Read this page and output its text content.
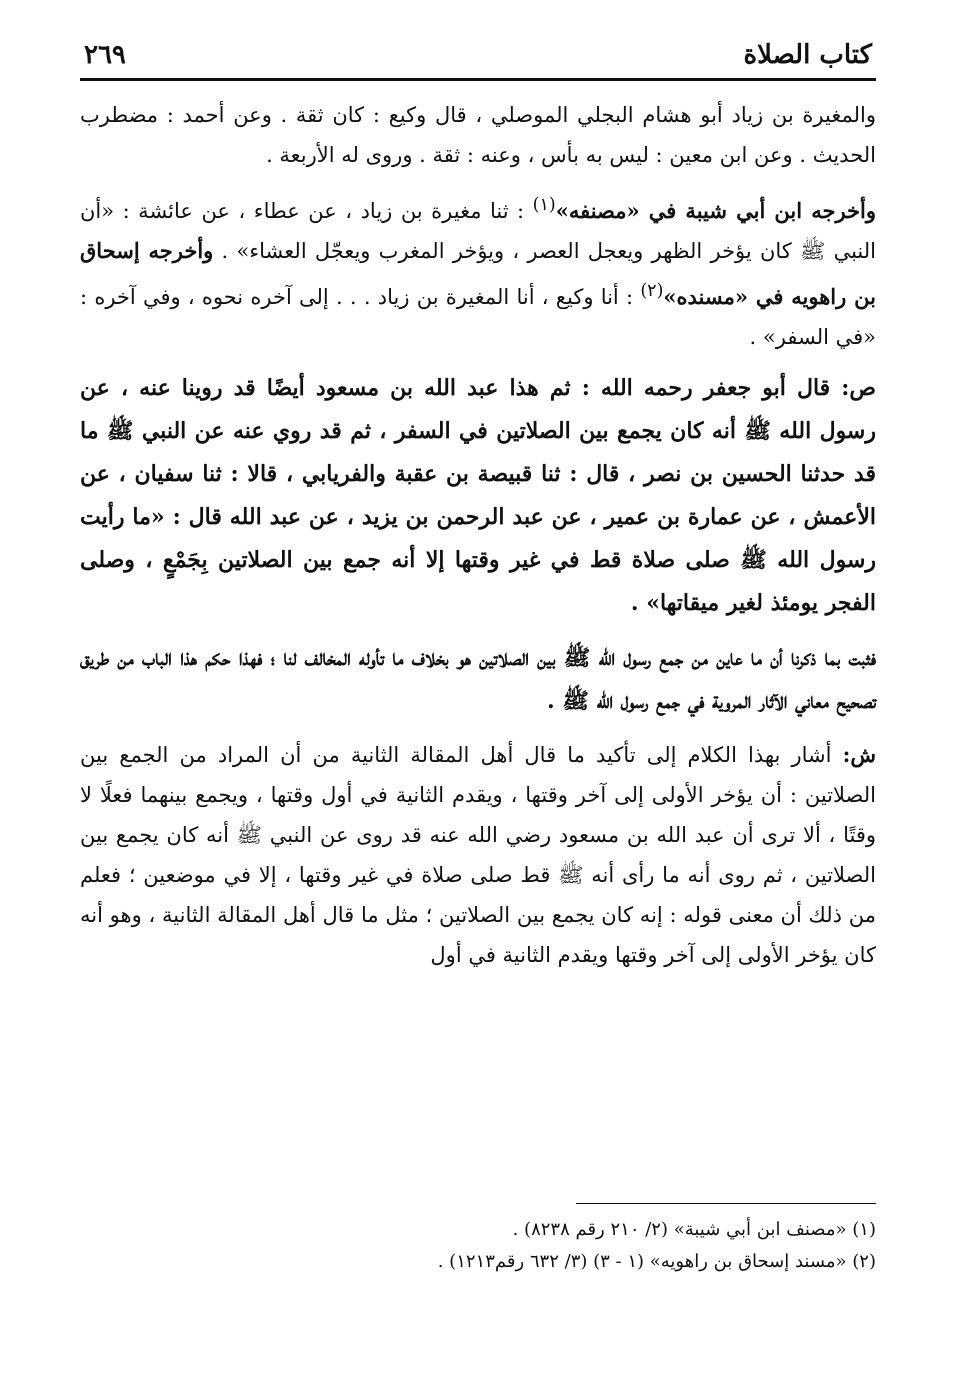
كتاب الصلاة
٢٦٩

والمغيرة بن زياد أبو هشام البجلي الموصلي ، قال وكيع : كان ثقة . وعن أحمد : مضطرب الحديث . وعن ابن معين : ليس به بأس ، وعنه : ثقة . وروى له الأربعة .

وأخرجه ابن أبي شيبة في «مصنفه»$^{(١)}$ : ثنا مغيرة بن زياد ، عن عطاء ، عن عائشة : «أن النبي ﷺ كان يؤخر الظهر ويعجل العصر ، ويؤخر المغرب ويعجّل العشاء» . وأخرجه إسحاق بن راهويه في «مسنده»$^{(٢)}$ : أنا وكيع ، أنا المغيرة بن زياد . . . إلى آخره نحوه ، وفي آخره : «في السفر» .

ص: قال أبو جعفر رحمه الله : ثم هذا عبد الله بن مسعود أيضًا قد روينا عنه ، عن رسول الله ﷺ أنه كان يجمع بين الصلاتين في السفر ، ثم قد روي عنه عن النبي ﷺ ما قد حدثنا الحسين بن نصر ، قال : ثنا قبيصة بن عقبة والفريابي ، قالا : ثنا سفيان ، عن الأعمش ، عن عمارة بن عمير ، عن عبد الرحمن بن يزيد ، عن عبد الله قال : «ما رأيت رسول الله ﷺ صلى صلاة قط في غير وقتها إلا أنه جمع بين الصلاتين بِجَمْعٍ ، وصلى الفجر يومئذ لغير ميقاتها» .

فثبت بما ذكرنا أن ما عاين من جمع رسول الله ﷺ بين الصلاتين هو بخلاف ما تأوله المخالف لنا ؛ فهذا حكم هذا الباب من طريق تصحيح معاني الآثار المروية في جمع رسول الله ﷺ .

ش: أشار بهذا الكلام إلى تأكيد ما قال أهل المقالة الثانية من أن المراد من الجمع بين الصلاتين : أن يؤخر الأولى إلى آخر وقتها ، ويقدم الثانية في أول وقتها ، ويجمع بينهما فعلًا لا وقتًا ، ألا ترى أن عبد الله بن مسعود رضي الله عنه قد روى عن النبي ﷺ أنه كان يجمع بين الصلاتين ، ثم روى أنه ما رأى أنه ﷺ قط صلى صلاة في غير وقتها ، إلا في موضعين ؛ فعلم من ذلك أن معنى قوله : إنه كان يجمع بين الصلاتين ؛ مثل ما قال أهل المقالة الثانية ، وهو أنه كان يؤخر الأولى إلى آخر وقتها ويقدم الثانية في أول

(١) «مصنف ابن أبي شيبة» (٢/ ٢١٠ رقم ٨٢٣٨) .

(٢) «مسند إسحاق بن راهويه» (١ - ٣) (٣/ ٦٣٢ رقم١٢١٣) .
